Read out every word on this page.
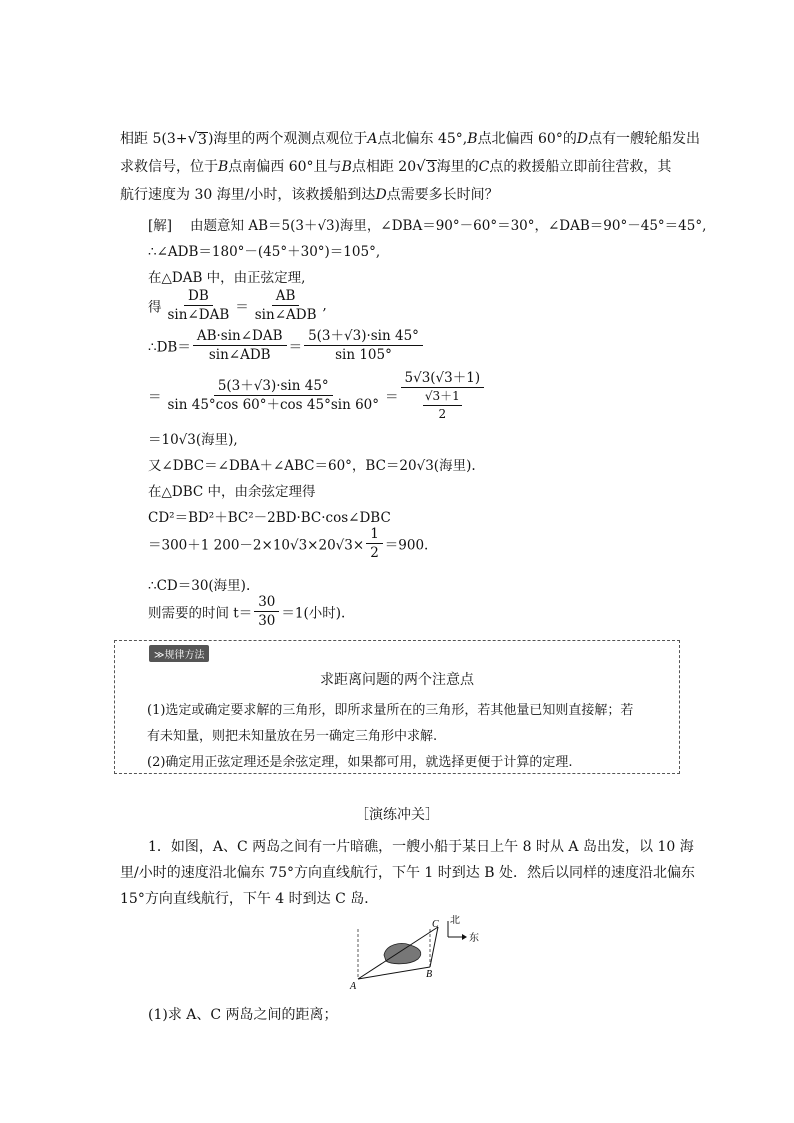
相距 5(3+ √ 3 )海里的两个观测点观位于A点北偏东 45°,B点北偏西 60°的D点有一艘轮船发出
求救信号，位于B点南偏西 60°且与B点相距 20 √ 3 海里的C点的救援船立即前往营救，其
航行速度为 30 海里/小时，该救援船到达D点需要多长时间？
[解] 由题意知 AB＝5(3＋√3)海里，∠DBA＝90°－60°＝30°，∠DAB＝90°－45°＝45°,
∴∠ADB＝180°－(45°＋30°)＝105°,
在△DAB 中，由正弦定理,
得 $\frac{DB}{\text{sin∠DAB}} = \frac{AB}{\text{sin∠ADB}}$ ,
∴DB＝ $\frac{\text{AB·sin∠DAB}}{\text{sin∠ADB}} = \frac{5(3+√3)\cdot\sin 45^\circ}{\sin 105^\circ}$
＝ $\frac{5(3+√3)\cdot\sin 45^\circ}{\sin 45^\circ\cos 60^\circ+\cos 45^\circ\sin 60^\circ} = \frac{5√3(√3+1)}{\frac{√3+1}{2}}$
＝10√3(海里),
又∠DBC＝∠DBA＋∠ABC＝60°，BC＝20√3(海里).
在△DBC 中，由余弦定理得
CD²＝BD²＋BC²－2BD·BC·cos∠DBC
＝300＋1 $200-2\times 10√3\times 20√3\times \frac{1}{2} =900$.
∴CD＝30(海里).
则需要的时间 $t= \frac{30}{30} =1$(小时).
≫规律方法
求距离问题的两个注意点
(1)选定或确定要求解的三角形，即所求量所在的三角形，若其他量已知则直接解；若
有未知量，则把未知量放在另一确定三角形中求解.
(2)确定用正弦定理还是余弦定理，如果都可用，就选择更便于计算的定理.
［演练冲关］
1．如图，A、C 两岛之间有一片暗礁，一艘小船于某日上午 8 时从 A 岛出发，以 10 海
里/小时的速度沿北偏东 75°方向直线航行，下午 1 时到达 B 处．然后以同样的速度沿北偏东
15°方向直线航行，下午 4 时到达 C 岛．
A
B
C 北
东
(1)求 A、C 两岛之间的距离；
